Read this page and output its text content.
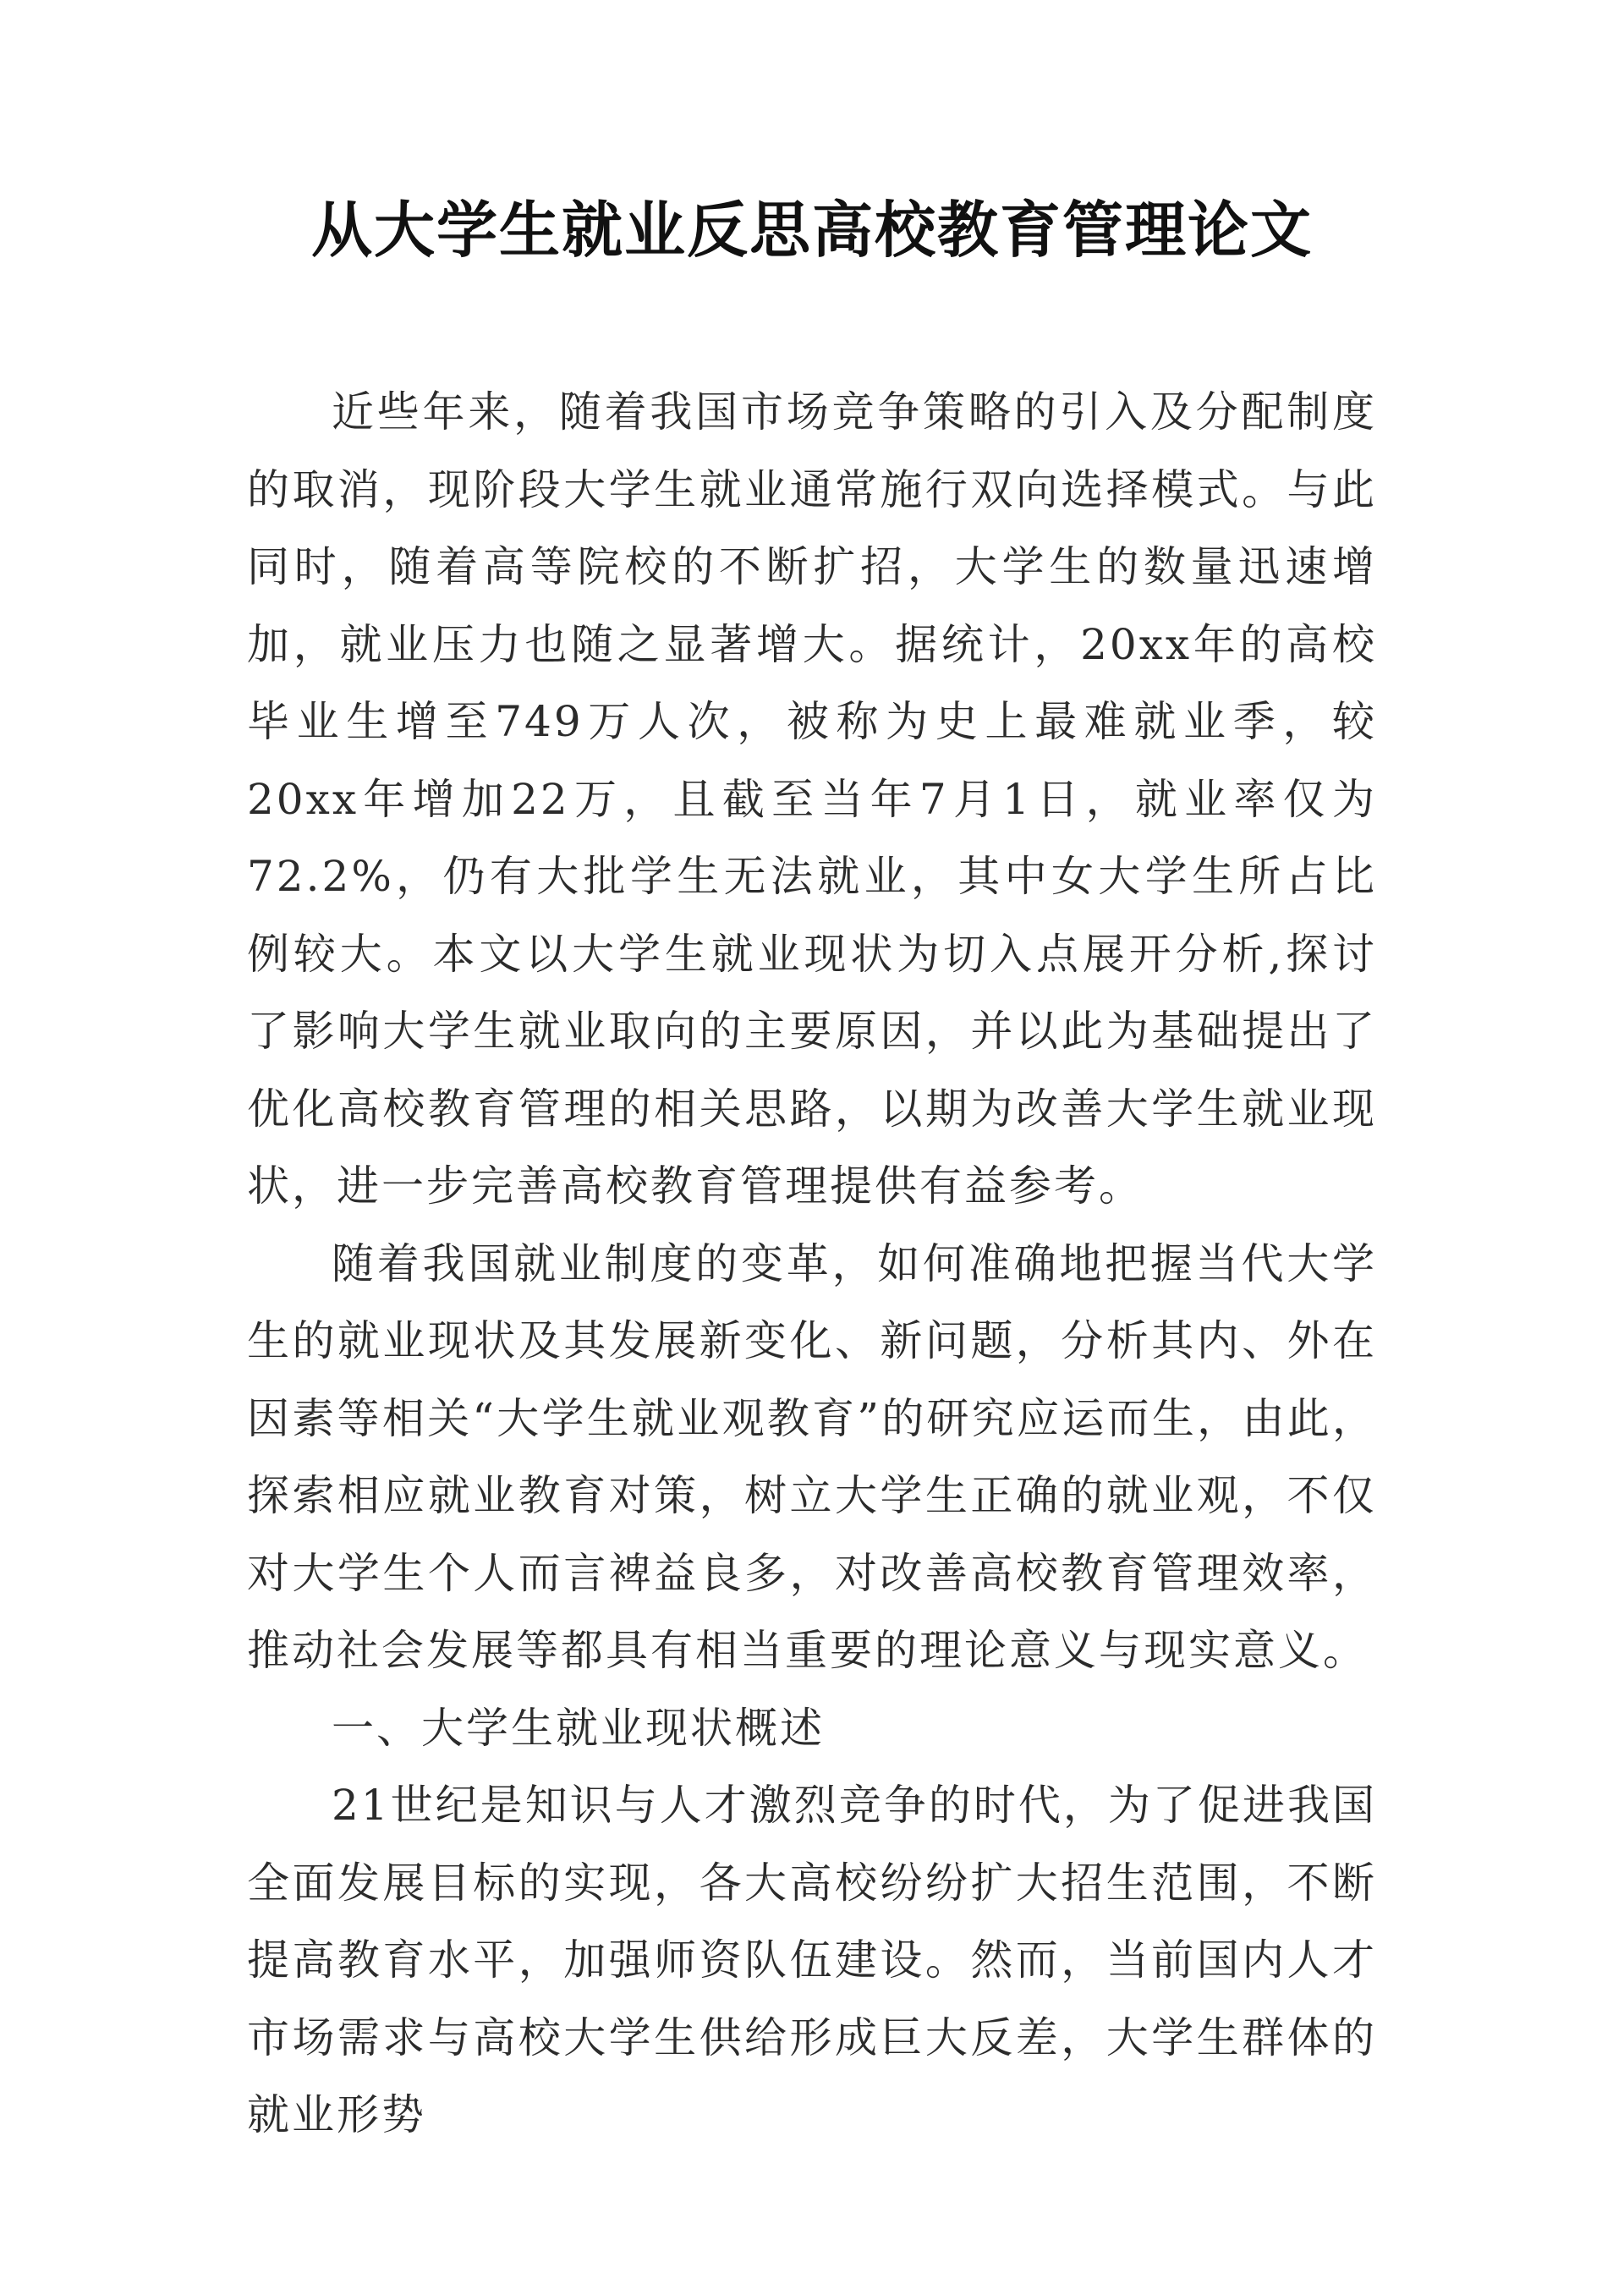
从大学生就业反思高校教育管理论文

近些年来，随着我国市场竞争策略的引入及分配制度的取消，现阶段大学生就业通常施行双向选择模式。与此同时，随着高等院校的不断扩招，大学生的数量迅速增加，就业压力也随之显著增大。据统计，20xx年的高校毕业生增至749万人次，被称为史上最难就业季，较20xx年增加22万，且截至当年7月1日，就业率仅为72.2%，仍有大批学生无法就业，其中女大学生所占比例较大。本文以大学生就业现状为切入点展开分析,探讨了影响大学生就业取向的主要原因，并以此为基础提出了优化高校教育管理的相关思路，以期为改善大学生就业现状，进一步完善高校教育管理提供有益参考。

随着我国就业制度的变革，如何准确地把握当代大学生的就业现状及其发展新变化、新问题，分析其内、外在因素等相关“大学生就业观教育”的研究应运而生，由此，探索相应就业教育对策，树立大学生正确的就业观，不仅对大学生个人而言裨益良多，对改善高校教育管理效率，推动社会发展等都具有相当重要的理论意义与现实意义。

一、大学生就业现状概述

21世纪是知识与人才激烈竞争的时代，为了促进我国全面发展目标的实现，各大高校纷纷扩大招生范围，不断提高教育水平，加强师资队伍建设。然而，当前国内人才市场需求与高校大学生供给形成巨大反差，大学生群体的就业形势
